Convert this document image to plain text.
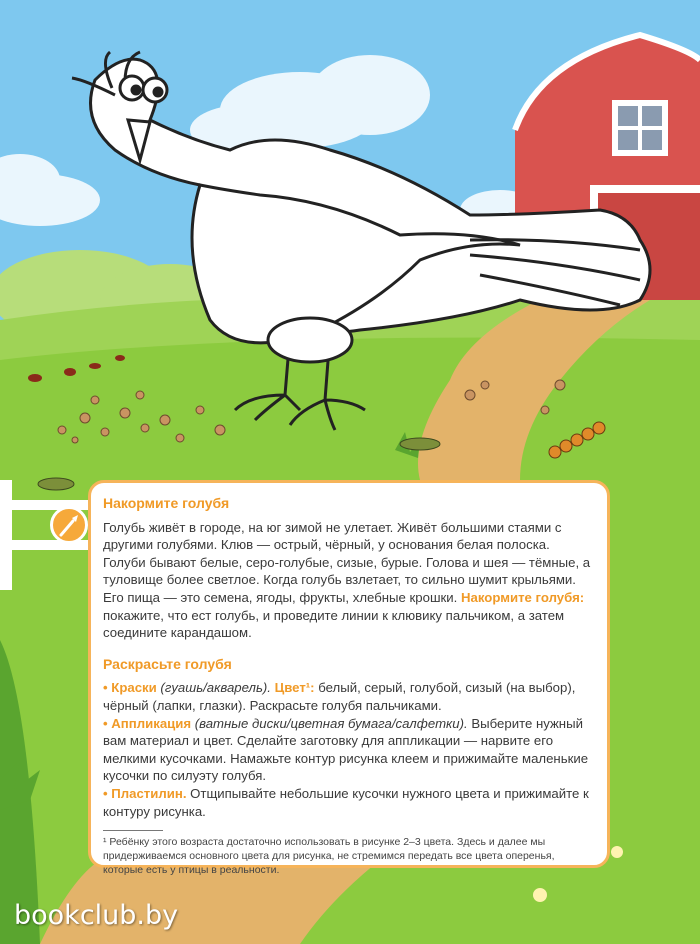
Накормите голубя

Голубь живёт в городе, на юг зимой не улетает. Живёт большими стаями с другими голубями. Клюв — острый, чёрный, у основания белая полоска. Голуби бывают белые, серо-голубые, сизые, бурые. Голова и шея — тёмные, а туловище более светлое. Когда голубь взлетает, то сильно шумит крыльями. Его пища — это семена, ягоды, фрукты, хлебные крошки. Накормите голубя: покажите, что ест голубь, и проведите линии к клювику пальчиком, а затем соедините карандашом.

Раскрасьте голубя

• Краски (гуашь/акварель). Цвет¹: белый, серый, голубой, сизый (на выбор), чёрный (лапки, глазки). Раскрасьте голубя пальчиками.

• Аппликация (ватные диски/цветная бумага/салфетки). Выберите нужный вам материал и цвет. Сделайте заготовку для аппликации — нарвите его мелкими кусочками. Намажьте контур рисунка клеем и прижимайте маленькие кусочки по силуэту голубя.

• Пластилин. Отщипывайте небольшие кусочки нужного цвета и прижимайте к контуру рисунка.

¹ Ребёнку этого возраста достаточно использовать в рисунке 2–3 цвета. Здесь и далее мы придерживаемся основного цвета для рисунка, не стремимся передать все цвета оперенья, которые есть у птицы в реальности.

bookclub.by
